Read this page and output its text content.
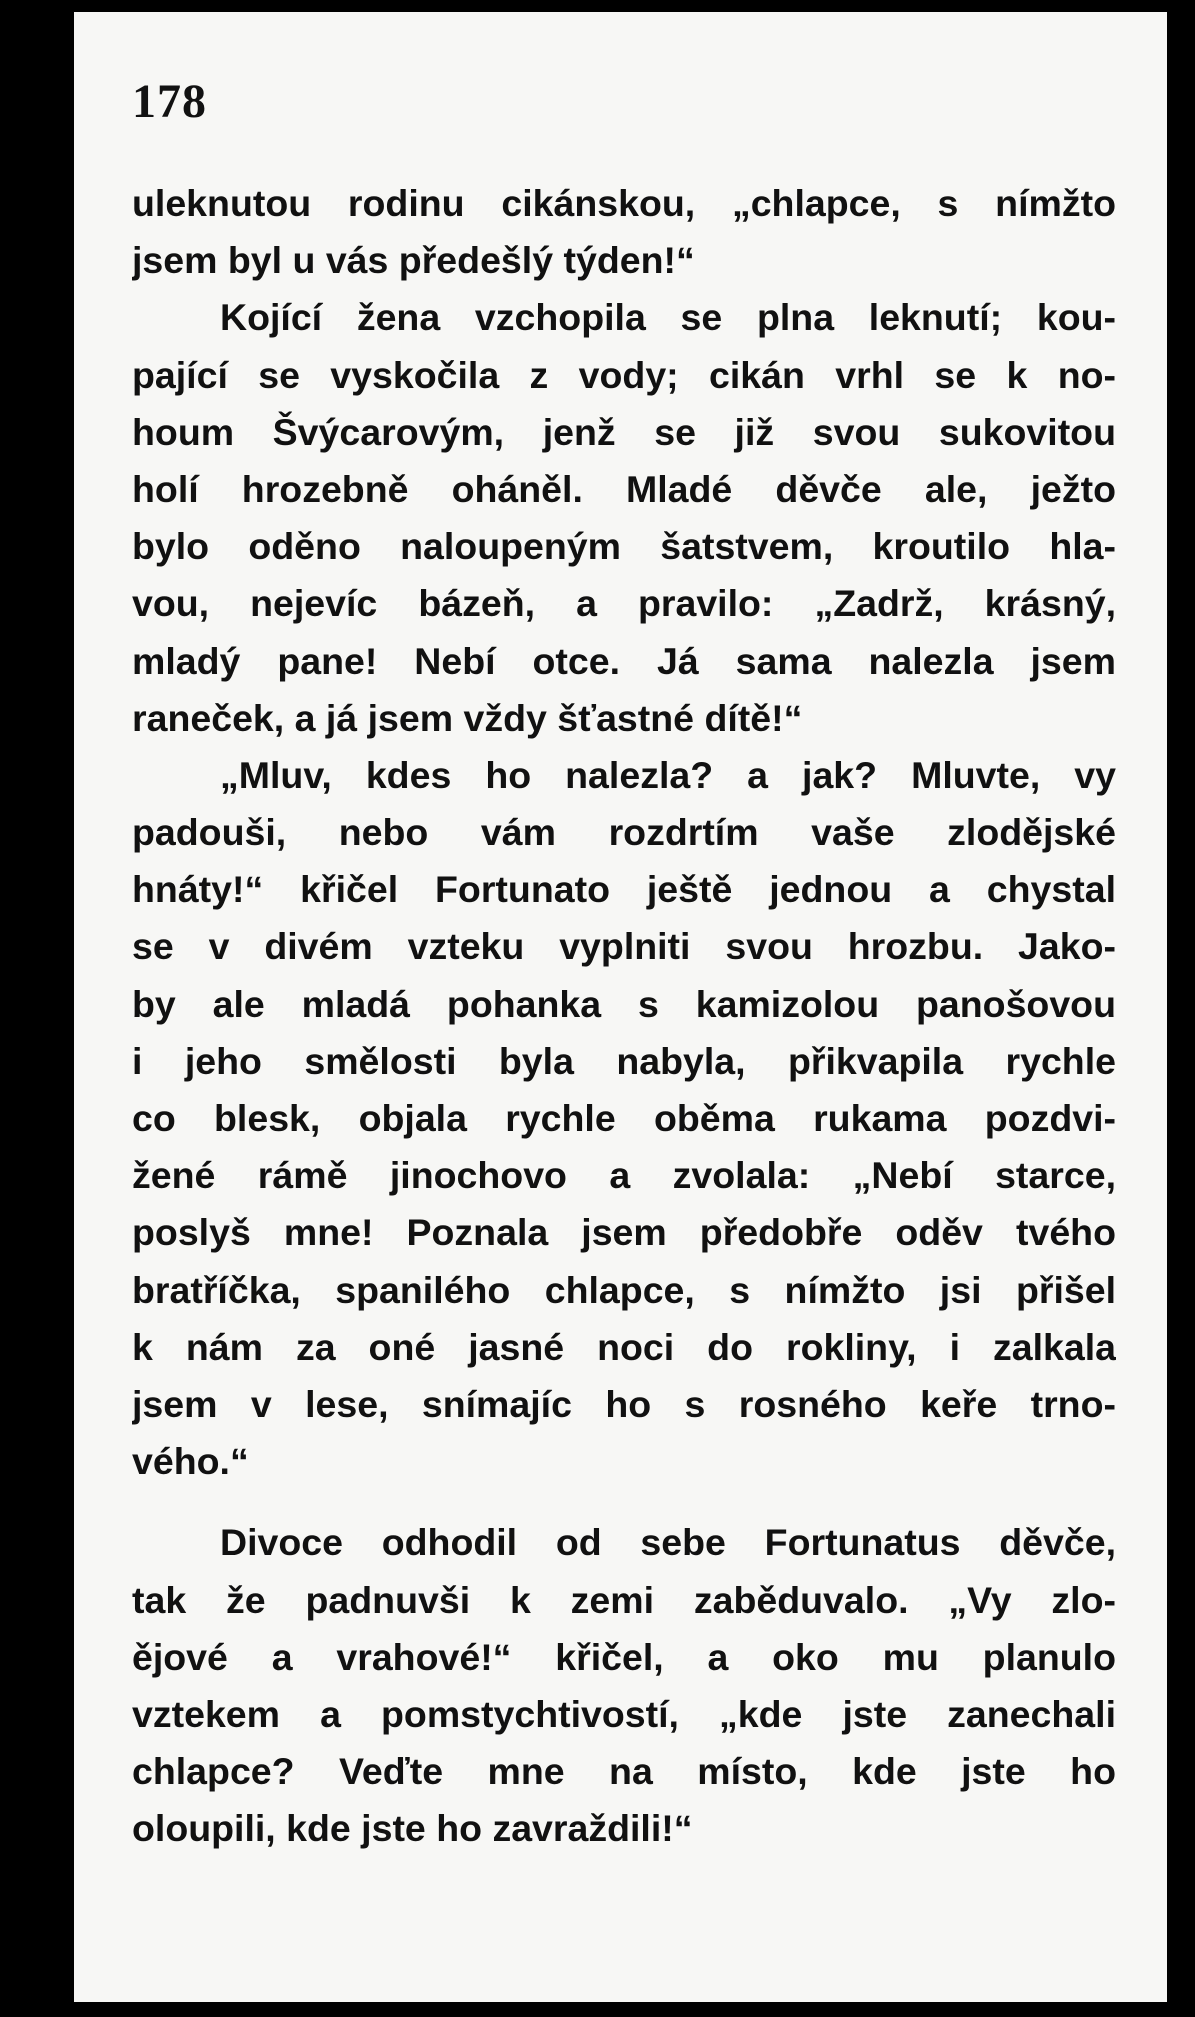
178
uleknutou rodinu cikánskou, „chlapce, s nímžto
jsem byl u vás předešlý týden!“
Kojící žena vzchopila se plna leknutí; kou-
pající se vyskočila z vody; cikán vrhl se k no-
houm Švýcarovým, jenž se již svou sukovitou
holí hrozebně oháněl. Mladé děvče ale, ježto
bylo oděno naloupeným šatstvem, kroutilo hla-
vou, nejevíc bázeň, a pravilo: „Zadrž, krásný,
mladý pane! Nebí otce. Já sama nalezla jsem
raneček, a já jsem vždy šťastné dítě!“
„Mluv, kdes ho nalezla? a jak? Mluvte, vy
padouši, nebo vám rozdrtím vaše zlodějské
hnáty!“ křičel Fortunato ještě jednou a chystal
se v divém vzteku vyplniti svou hrozbu. Jako-
by ale mladá pohanka s kamizolou panošovou
i jeho smělosti byla nabyla, přikvapila rychle
co blesk, objala rychle oběma rukama pozdvi-
žené rámě jinochovo a zvolala: „Nebí starce,
poslyš mne! Poznala jsem předobře oděv tvého
bratříčka, spanilého chlapce, s nímžto jsi přišel
k nám za oné jasné noci do rokliny, i zalkala
jsem v lese, snímajíc ho s rosného keře trno-
vého.“
Divoce odhodil od sebe Fortunatus děvče,
tak že padnuvši k zemi zaběduvalo. „Vy zlo-
ějové a vrahové!“ křičel, a oko mu planulo
vztekem a pomstychtivostí, „kde jste zanechali
chlapce? Veďte mne na místo, kde jste ho
oloupili, kde jste ho zavraždili!“
